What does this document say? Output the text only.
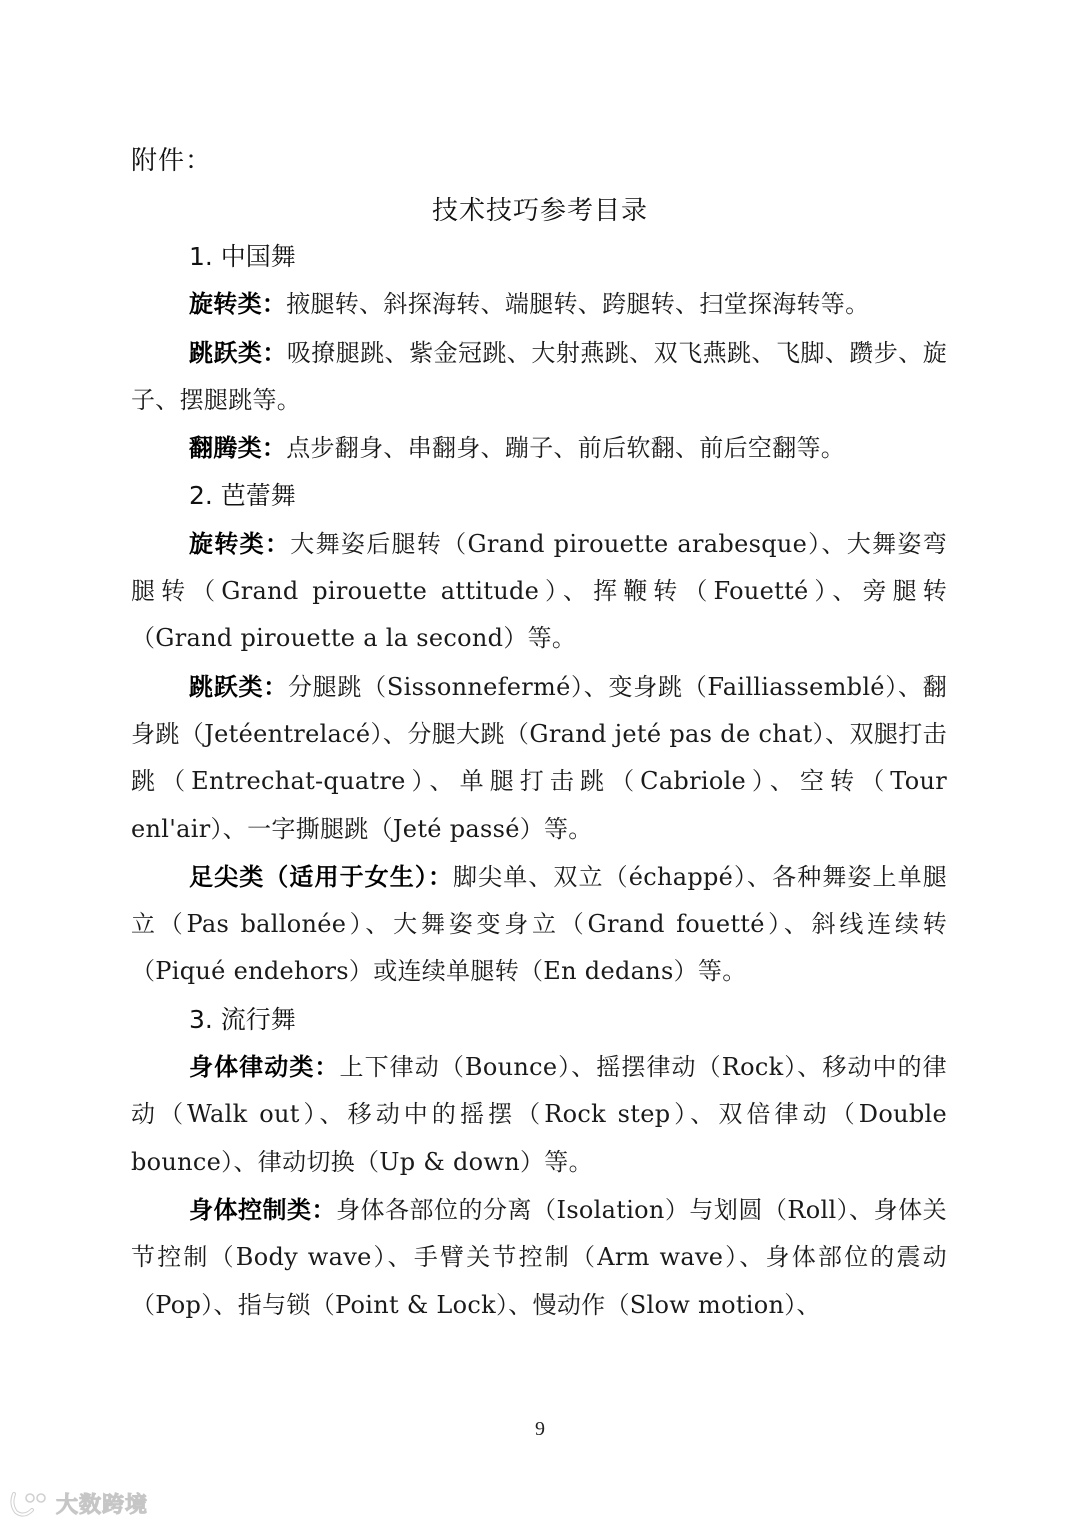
附件：
技术技巧参考目录
1. 中国舞

旋转类：掖腿转、斜探海转、端腿转、跨腿转、扫堂探海转等。

跳跃类：吸撩腿跳、紫金冠跳、大射燕跳、双飞燕跳、飞脚、躜步、旋子、摆腿跳等。

翻腾类：点步翻身、串翻身、蹦子、前后软翻、前后空翻等。

2. 芭蕾舞

旋转类：大舞姿后腿转（Grand pirouette arabesque）、大舞姿弯腿转（Grand pirouette attitude）、挥鞭转（Fouetté）、旁腿转（Grand pirouette a la second）等。

跳跃类：分腿跳（Sissonnefermé）、变身跳（Failliassemblé）、翻身跳（Jetéentrelacé）、分腿大跳（Grand jeté pas de chat）、双腿打击跳（Entrechat-quatre）、单腿打击跳（Cabriole）、空转（Tour enl'air）、一字撕腿跳（Jeté passé）等。

足尖类（适用于女生）：脚尖单、双立（échappé）、各种舞姿上单腿立（Pas ballonée）、大舞姿变身立（Grand fouetté）、斜线连续转（Piqué endehors）或连续单腿转（En dedans）等。

3. 流行舞

身体律动类：上下律动（Bounce）、摇摆律动（Rock）、移动中的律动（Walk out）、移动中的摇摆（Rock step）、双倍律动（Double bounce）、律动切换（Up & down）等。

身体控制类：身体各部位的分离（Isolation）与划圆（Roll）、身体关节控制（Body wave）、手臂关节控制（Arm wave）、身体部位的震动（Pop）、指与锁（Point & Lock）、慢动作（Slow motion）、

9
大数跨境
